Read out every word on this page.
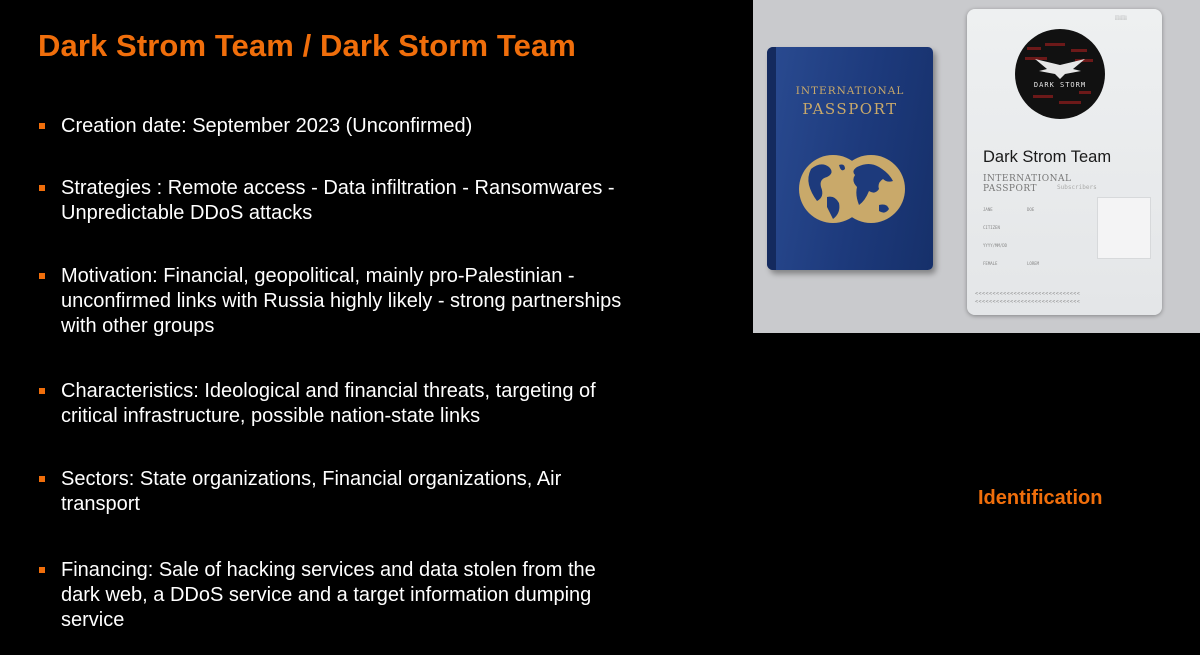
Dark Strom Team / Dark Storm Team
Creation date: September 2023 (Unconfirmed)
Strategies : Remote access - Data infiltration - Ransomwares -
Unpredictable DDoS attacks
Motivation: Financial, geopolitical, mainly pro-Palestinian -
unconfirmed links with Russia highly likely - strong partnerships
with other groups
Characteristics: Ideological and financial threats, targeting of
critical infrastructure, possible nation-state links
Sectors: State organizations, Financial organizations, Air
transport
Financing: Sale of hacking services and data stolen from the
dark web, a DDoS service and a target information dumping
service
INTERNATIONAL
PASSPORT
░░░░░
DARK STORM
Dark Strom Team
INTERNATIONAL
PASSPORT	Subscribers
JANE	DOE
CITIZEN
YYYY/MM/DD
FEMALE	LOREM
<<<<<<<<<<<<<<<<<<<<<<<<<<<<<<
<<<<<<<<<<<<<<<<<<<<<<<<<<<<<<
Identification
